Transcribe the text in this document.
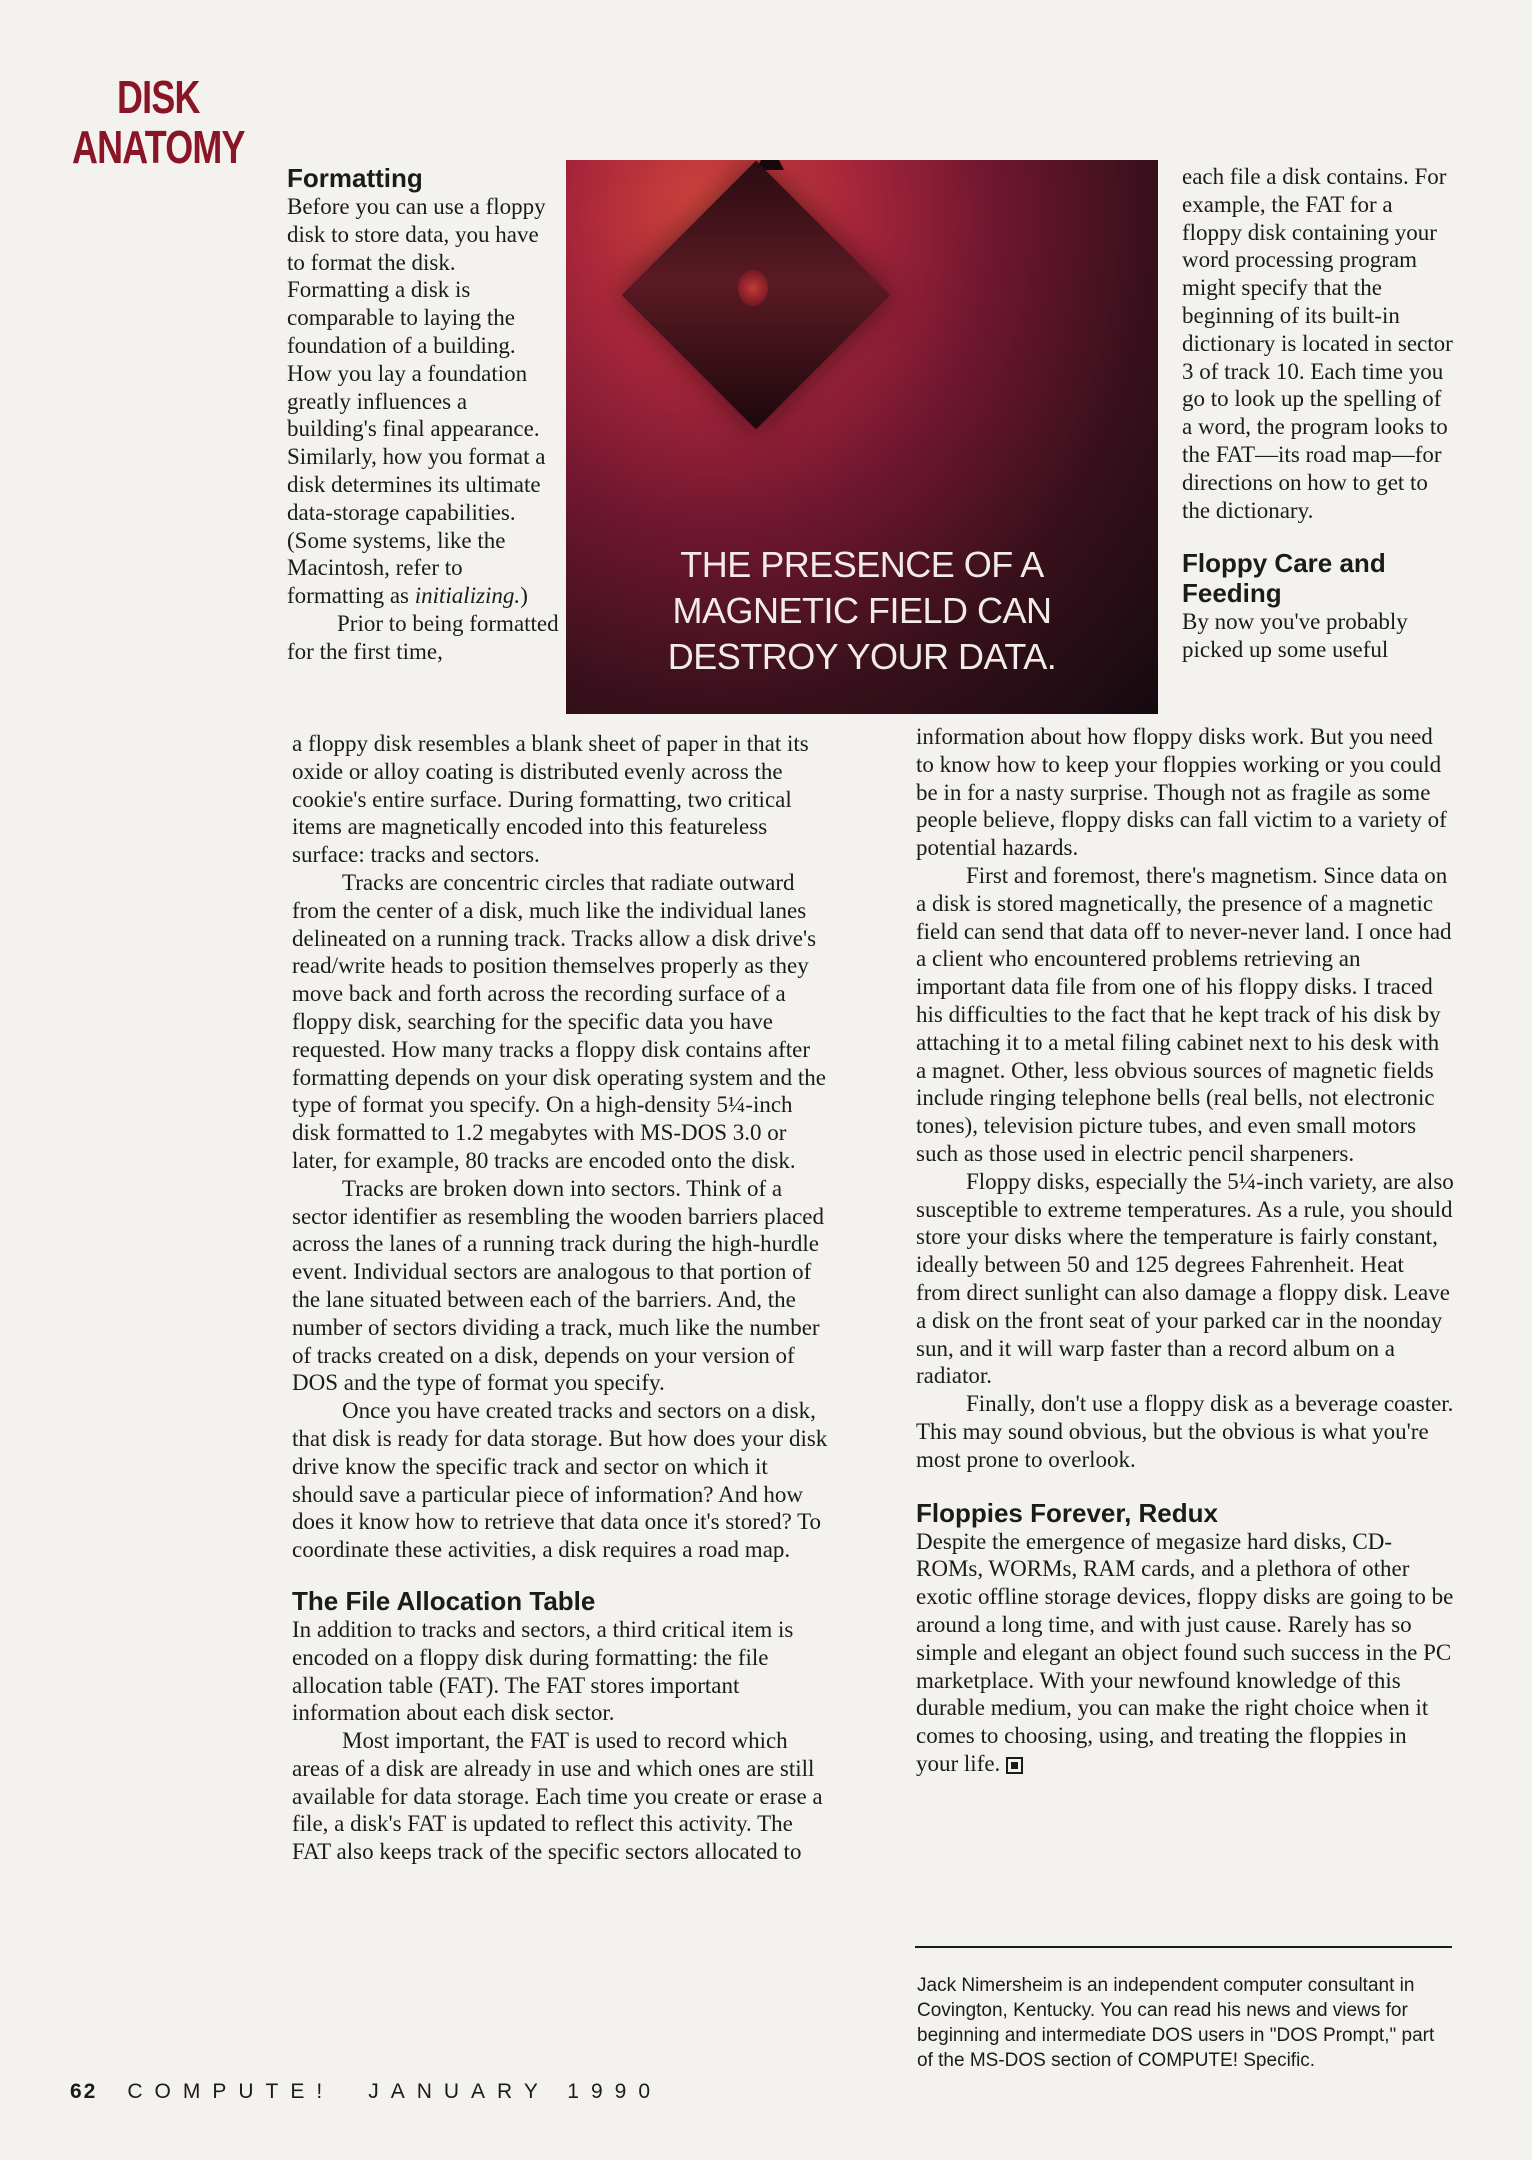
DISK
ANATOMY
Formatting

Before you can use a floppy disk to store data, you have to format the disk. Formatting a disk is comparable to laying the foundation of a building. How you lay a foundation greatly influences a building's final appearance. Similarly, how you format a disk determines its ultimate data-storage capabilities. (Some systems, like the Macintosh, refer to formatting as initializing.)

Prior to being formatted for the first time,

THE PRESENCE OF A
MAGNETIC FIELD CAN
DESTROY YOUR DATA.

a floppy disk resembles a blank sheet of paper in that its oxide or alloy coating is distributed evenly across the cookie's entire surface. During formatting, two critical items are magnetically encoded into this featureless surface: tracks and sectors.

Tracks are concentric circles that radiate outward from the center of a disk, much like the individual lanes delineated on a running track. Tracks allow a disk drive's read/write heads to position themselves properly as they move back and forth across the recording surface of a floppy disk, searching for the specific data you have requested. How many tracks a floppy disk contains after formatting depends on your disk operating system and the type of format you specify. On a high-density 5¼-inch disk formatted to 1.2 megabytes with MS-DOS 3.0 or later, for example, 80 tracks are encoded onto the disk.

Tracks are broken down into sectors. Think of a sector identifier as resembling the wooden barriers placed across the lanes of a running track during the high-hurdle event. Individual sectors are analogous to that portion of the lane situated between each of the barriers. And, the number of sectors dividing a track, much like the number of tracks created on a disk, depends on your version of DOS and the type of format you specify.

Once you have created tracks and sectors on a disk, that disk is ready for data storage. But how does your disk drive know the specific track and sector on which it should save a particular piece of information? And how does it know how to retrieve that data once it's stored? To coordinate these activities, a disk requires a road map.

The File Allocation Table

In addition to tracks and sectors, a third critical item is encoded on a floppy disk during formatting: the file allocation table (FAT). The FAT stores important information about each disk sector.

Most important, the FAT is used to record which areas of a disk are already in use and which ones are still available for data storage. Each time you create or erase a file, a disk's FAT is updated to reflect this activity. The FAT also keeps track of the specific sectors allocated to

each file a disk contains. For example, the FAT for a floppy disk containing your word processing program might specify that the beginning of its built-in dictionary is located in sector 3 of track 10. Each time you go to look up the spelling of a word, the program looks to the FAT—its road map—for directions on how to get to the dictionary.

Floppy Care and Feeding

By now you've probably picked up some useful

information about how floppy disks work. But you need to know how to keep your floppies working or you could be in for a nasty surprise. Though not as fragile as some people believe, floppy disks can fall victim to a variety of potential hazards.

First and foremost, there's magnetism. Since data on a disk is stored magnetically, the presence of a magnetic field can send that data off to never-never land. I once had a client who encountered problems retrieving an important data file from one of his floppy disks. I traced his difficulties to the fact that he kept track of his disk by attaching it to a metal filing cabinet next to his desk with a magnet. Other, less obvious sources of magnetic fields include ringing telephone bells (real bells, not electronic tones), television picture tubes, and even small motors such as those used in electric pencil sharpeners.

Floppy disks, especially the 5¼-inch variety, are also susceptible to extreme temperatures. As a rule, you should store your disks where the temperature is fairly constant, ideally between 50 and 125 degrees Fahrenheit. Heat from direct sunlight can also damage a floppy disk. Leave a disk on the front seat of your parked car in the noonday sun, and it will warp faster than a record album on a radiator.

Finally, don't use a floppy disk as a beverage coaster. This may sound obvious, but the obvious is what you're most prone to overlook.

Floppies Forever, Redux

Despite the emergence of megasize hard disks, CD-ROMs, WORMs, RAM cards, and a plethora of other exotic offline storage devices, floppy disks are going to be around a long time, and with just cause. Rarely has so simple and elegant an object found such success in the PC marketplace. With your newfound knowledge of this durable medium, you can make the right choice when it comes to choosing, using, and treating the floppies in your life.

Jack Nimersheim is an independent computer consultant in Covington, Kentucky. You can read his news and views for beginning and intermediate DOS users in "DOS Prompt," part of the MS-DOS section of COMPUTE! Specific.

62 COMPUTE! JANUARY 1990
